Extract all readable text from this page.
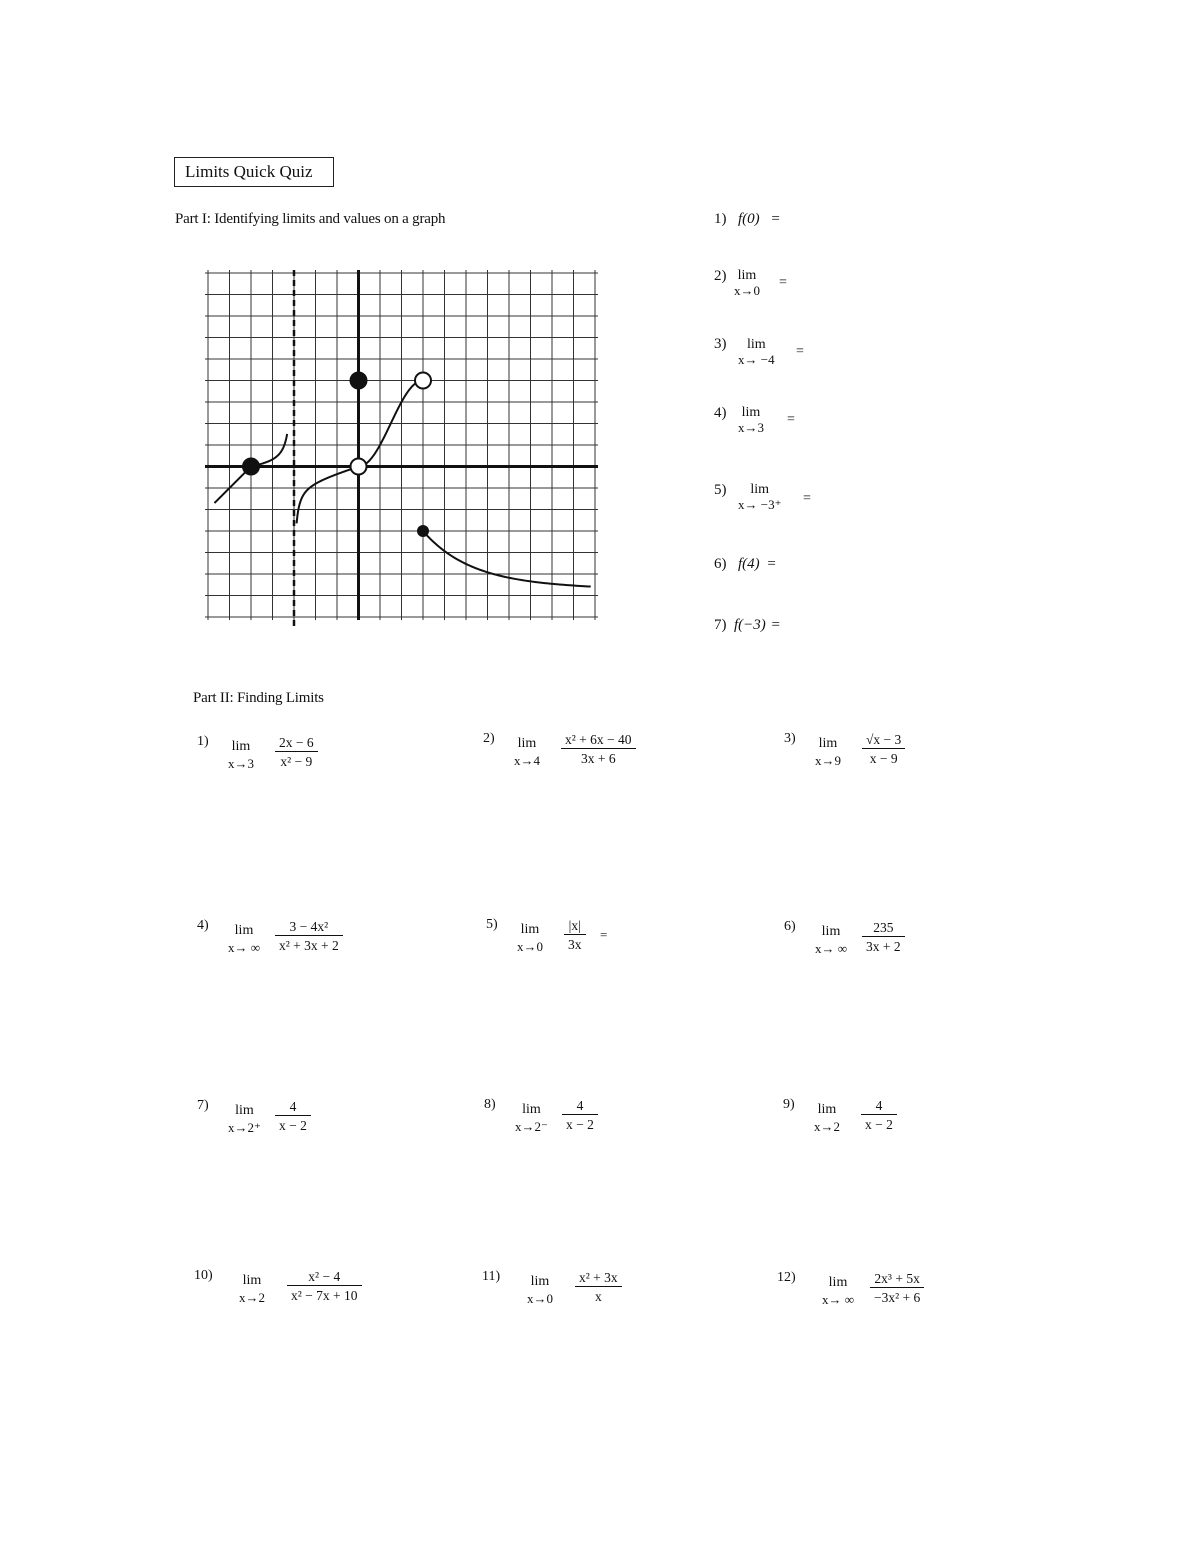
Limits Quick Quiz
Part I: Identifying limits and values on a graph	1) f(0) =
2) lim
x→0
=
3)	lim
x→ −4
=
4)	lim
x→3
=
5)	lim
x→ −3⁺ =
6) f(4) =
7) f(−3) =
Part II: Finding Limits
1) lim
$x\to 3 \frac{2x - 6}{\text{x² − 9}}$	2) lim
$x\to 4 \frac{\text{x² + 6x − 40}}{3x + 6}$	3) lim
$x\to 9 \frac{√x - 3}{x - 9}$
4)	lim
x→ ∞ $\frac{\text{3 − 4x²}}{\text{x² + 3x + 2}}$	5) lim
$x\to 0 \frac{|x|}{3x}$ =
6)	lim
x→ ∞ $\frac{235}{3x + 2}$
7)	lim
$x\to 2^+ \frac{4}{x - 2}$	8)	lim
$x\to 2^- \frac{4}{x - 2}$	9) lim
$x\to 2 \frac{4}{x - 2}$
10) lim
$x\to 2 \frac{\text{x² − 4}}{\text{x² − 7x + 10}}$	11) lim
$x\to 0 \frac{\text{x² + 3x}}{x}$	12)	lim
x→ ∞ $\frac{\text{2x³ + 5x}}{\text{−3x² + 6}}$
